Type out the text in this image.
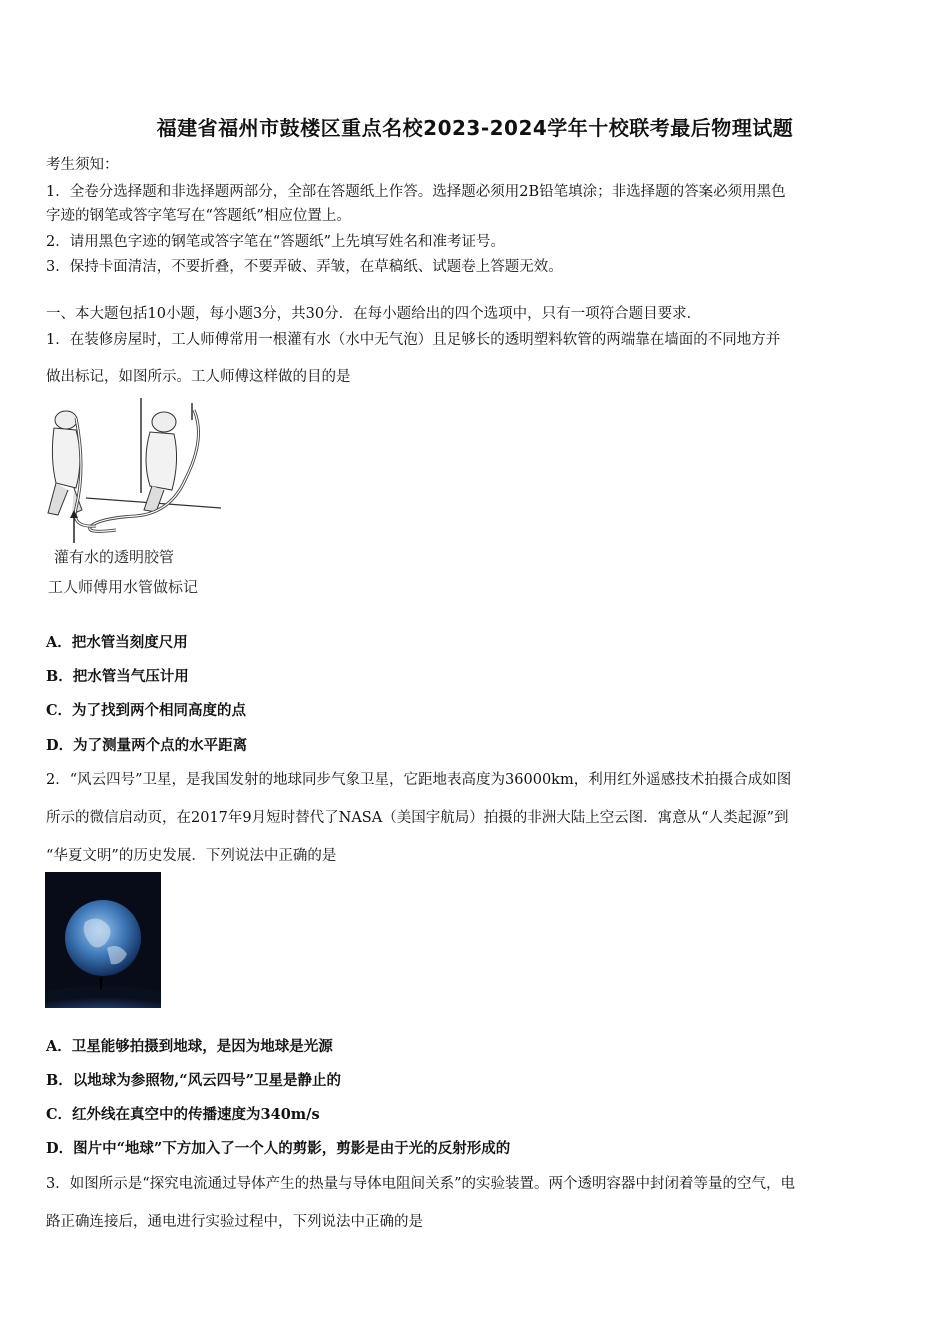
福建省福州市鼓楼区重点名校2023-2024学年十校联考最后物理试题
考生须知：
1．全卷分选择题和非选择题两部分，全部在答题纸上作答。选择题必须用2B铅笔填涂；非选择题的答案必须用黑色
字迹的钢笔或答字笔写在“答题纸”相应位置上。
2．请用黑色字迹的钢笔或答字笔在“答题纸”上先填写姓名和准考证号。
3．保持卡面清洁，不要折叠，不要弄破、弄皱，在草稿纸、试题卷上答题无效。
一、本大题包括10小题，每小题3分，共30分．在每小题给出的四个选项中，只有一项符合题目要求．
1．在装修房屋时，工人师傅常用一根灌有水（水中无气泡）且足够长的透明塑料软管的两端靠在墙面的不同地方并
做出标记，如图所示。工人师傅这样做的目的是
灌有水的透明胶管
工人师傅用水管做标记
A．把水管当刻度尺用
B．把水管当气压计用
C．为了找到两个相同高度的点
D．为了测量两个点的水平距离
2．“风云四号”卫星，是我国发射的地球同步气象卫星，它距地表高度为36000km，利用红外遥感技术拍摄合成如图
所示的微信启动页，在2017年9月短时替代了NASA（美国宇航局）拍摄的非洲大陆上空云图．寓意从“人类起源”到
“华夏文明”的历史发展．下列说法中正确的是
A．卫星能够拍摄到地球，是因为地球是光源
B．以地球为参照物,“风云四号”卫星是静止的
C．红外线在真空中的传播速度为340m/s
D．图片中“地球”下方加入了一个人的剪影，剪影是由于光的反射形成的
3．如图所示是“探究电流通过导体产生的热量与导体电阻间关系”的实验装置。两个透明容器中封闭着等量的空气，电
路正确连接后，通电进行实验过程中，下列说法中正确的是
